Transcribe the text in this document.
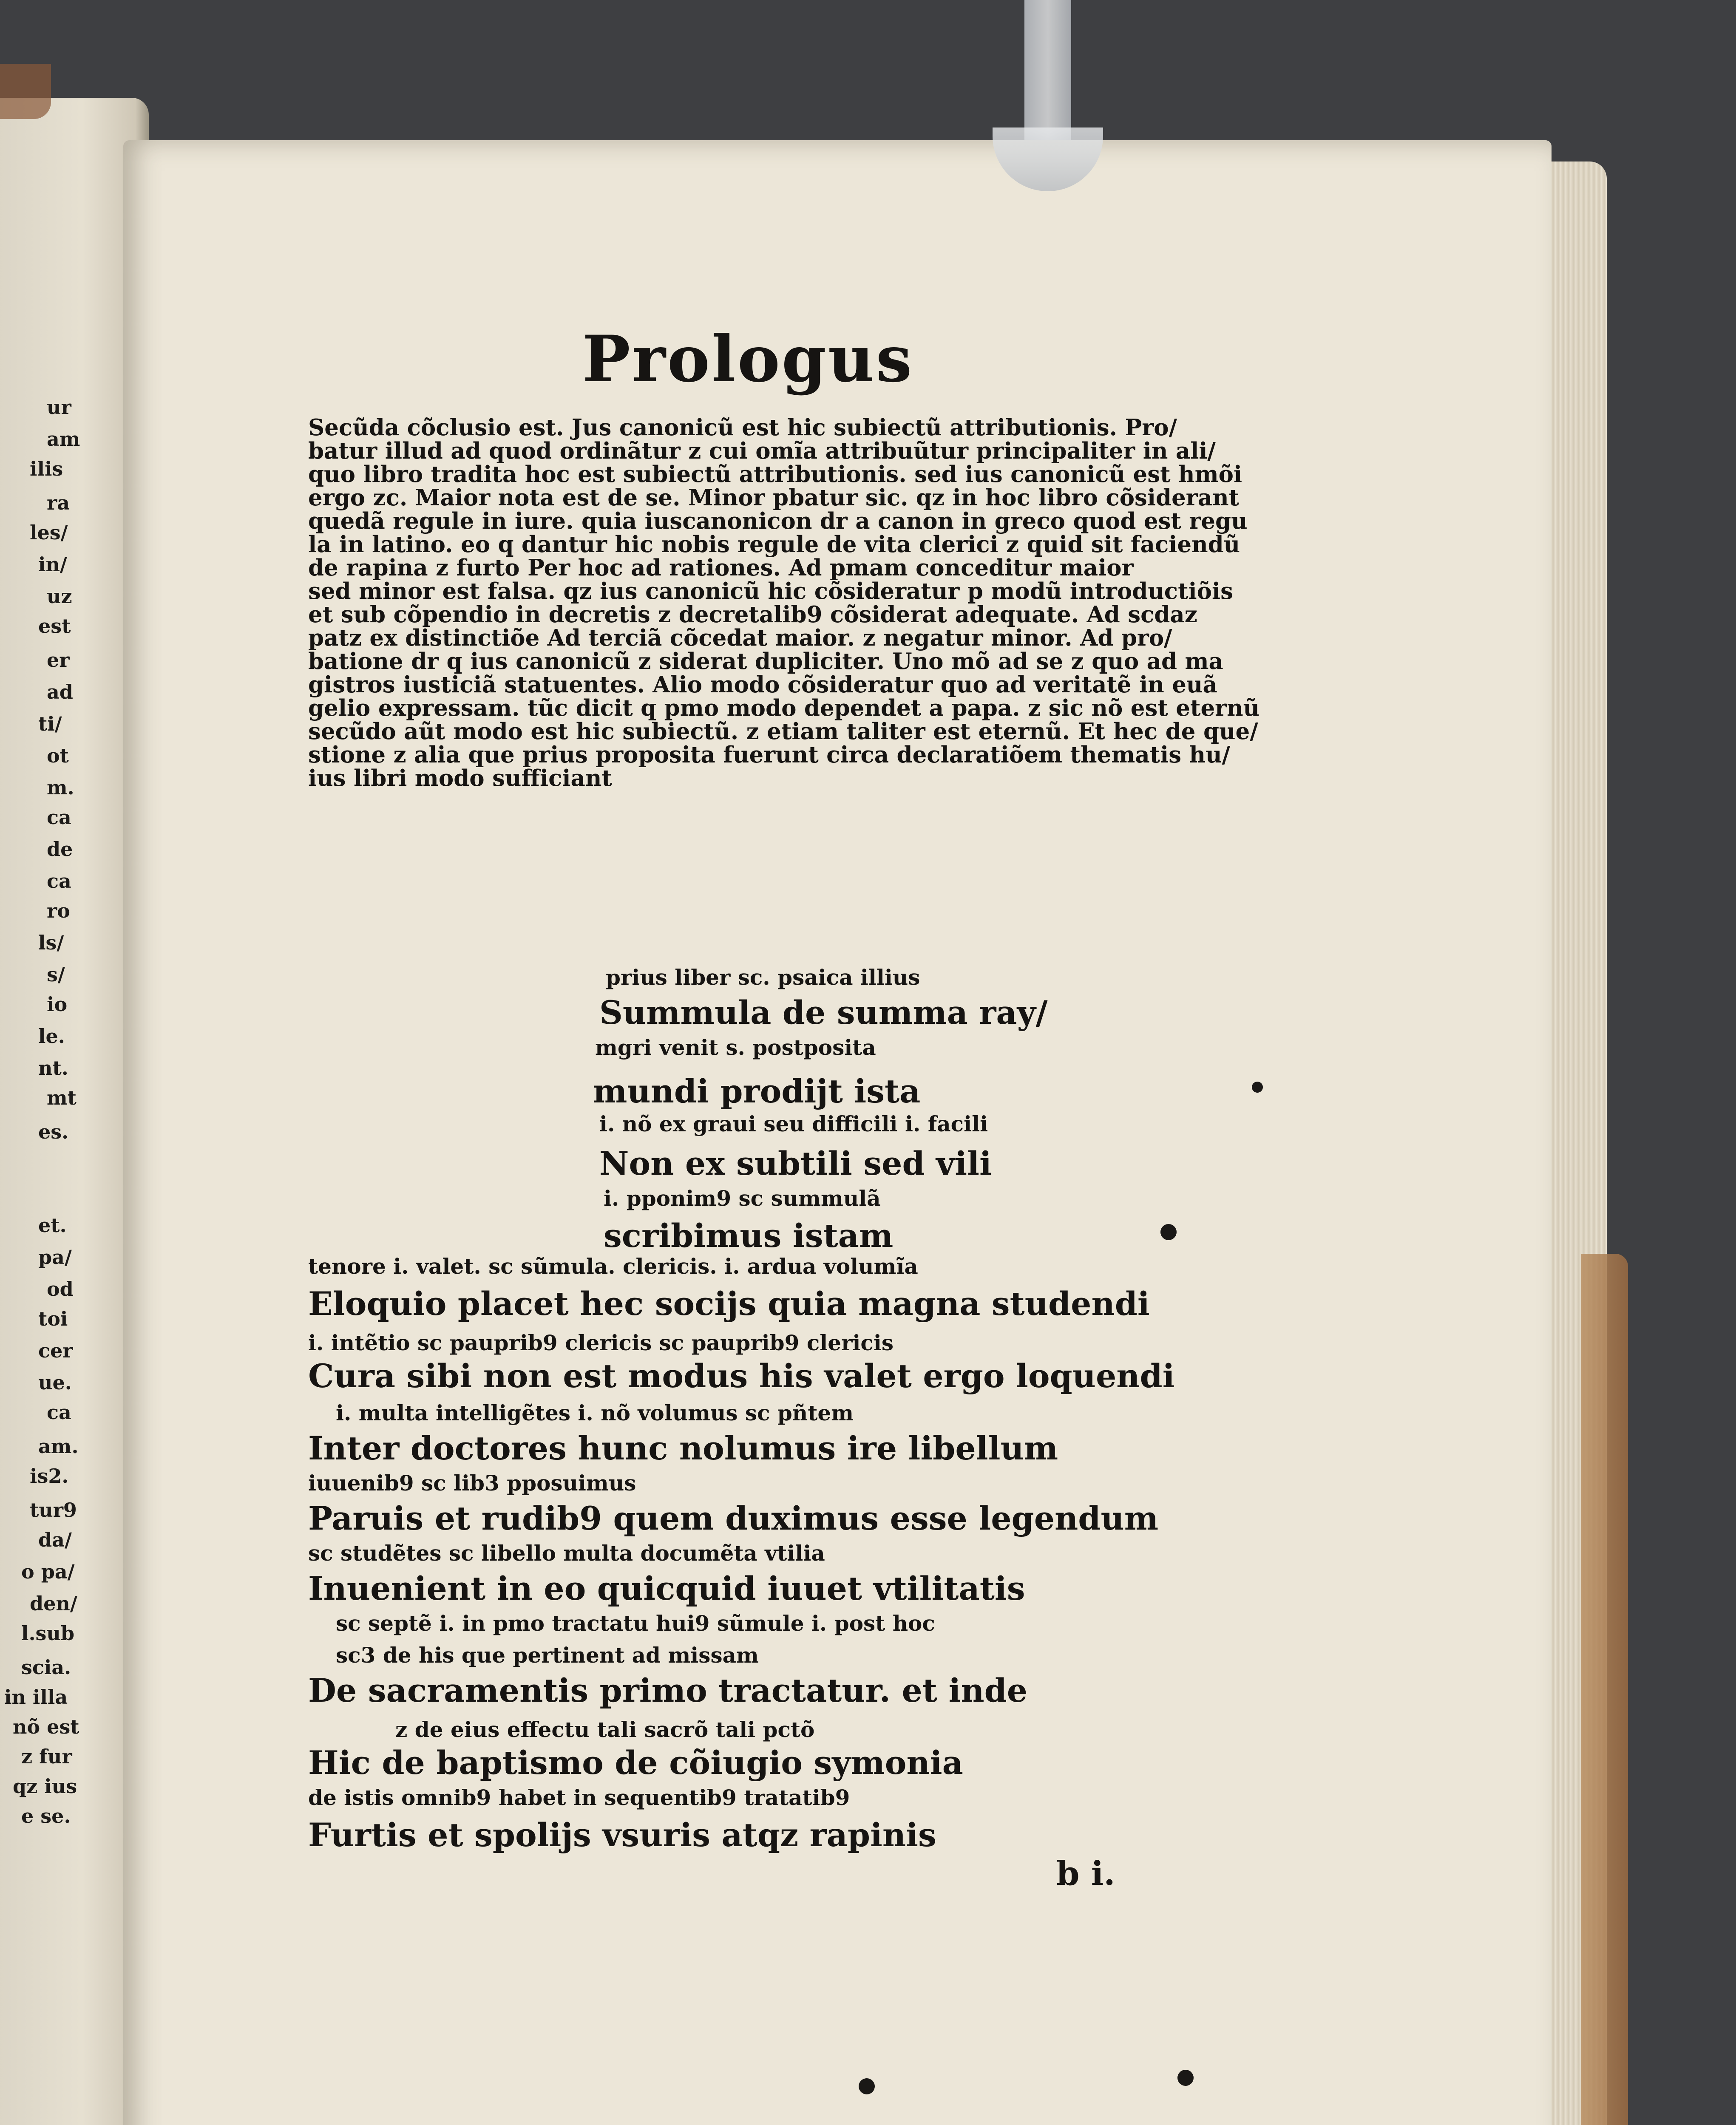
ur
am
ilis
ra
les/
in/
uz
est
er
ad
ti/
ot
m.
ca
de
ca
ro
ls/
s/
io
le.
nt.
mt
es.
et.
pa/
od
toi
cer
ue.
ca
am.
is2.
tur9
da/
o pa/
den/
l.sub
scia.
in illa
nõ est
z fur
qz ius
e se.
Prologus
Secũda cõclusio est. Jus canonicũ est hic subiectũ attributionis. Pro/
batur illud ad quod ordinãtur z cui omĩa attribuũtur principaliter in ali/
quo libro tradita hoc est subiectũ attributionis. sed ius canonicũ est hmõi
ergo zc. Maior nota est de se. Minor pbatur sic. qz in hoc libro cõsiderant
quedã regule in iure. quia iuscanonicon dr a canon in greco quod est regu
la in latino. eo q dantur hic nobis regule de vita clerici z quid sit faciendũ
de rapina z furto Per hoc ad rationes. Ad pmam conceditur maior
sed minor est falsa. qz ius canonicũ hic cõsideratur p modũ introductiõis
et sub cõpendio in decretis z decretalib9 cõsiderat adequate. Ad scdaz
patz ex distinctiõe Ad terciã cõcedat maior. z negatur minor. Ad pro/
batione dr q ius canonicũ z siderat dupliciter. Uno mõ ad se z quo ad ma
gistros iusticiã statuentes. Alio modo cõsideratur quo ad veritatẽ in euã
gelio expressam. tũc dicit q pmo modo dependet a papa. z sic nõ est eternũ
secũdo aũt modo est hic subiectũ. z etiam taliter est eternũ. Et hec de que/
stione z alia que prius proposita fuerunt circa declaratiõem thematis hu/
ius libri modo sufficiant
prius liber sc. psaica illius
Summula de summa ray/
mgri venit s. postposita
mundi prodijt ista
i. nõ ex graui seu difficili i. facili
Non ex subtili sed vili
i. pponim9 sc summulã
scribimus istam
tenore i. valet. sc sũmula. clericis. i. ardua volumĩa
Eloquio placet hec socijs quia magna studendi
i. intẽtio sc pauprib9 clericis sc pauprib9 clericis
Cura sibi non est modus his valet ergo loquendi
i. multa intelligẽtes i. nõ volumus sc pñtem
Inter doctores hunc nolumus ire libellum
iuuenib9 sc lib3 pposuimus
Paruis et rudib9 quem duximus esse legendum
sc studẽtes sc libello multa documẽta vtilia
Inuenient in eo quicquid iuuet vtilitatis
sc septẽ i. in pmo tractatu hui9 sũmule i. post hoc
sc3 de his que pertinent ad missam
De sacramentis primo tractatur. et inde
z de eius effectu tali sacrõ tali pctõ
Hic de baptismo de cõiugio symonia
de istis omnib9 habet in sequentib9 tratatib9
Furtis et spolijs vsuris atqz rapinis
b i.
